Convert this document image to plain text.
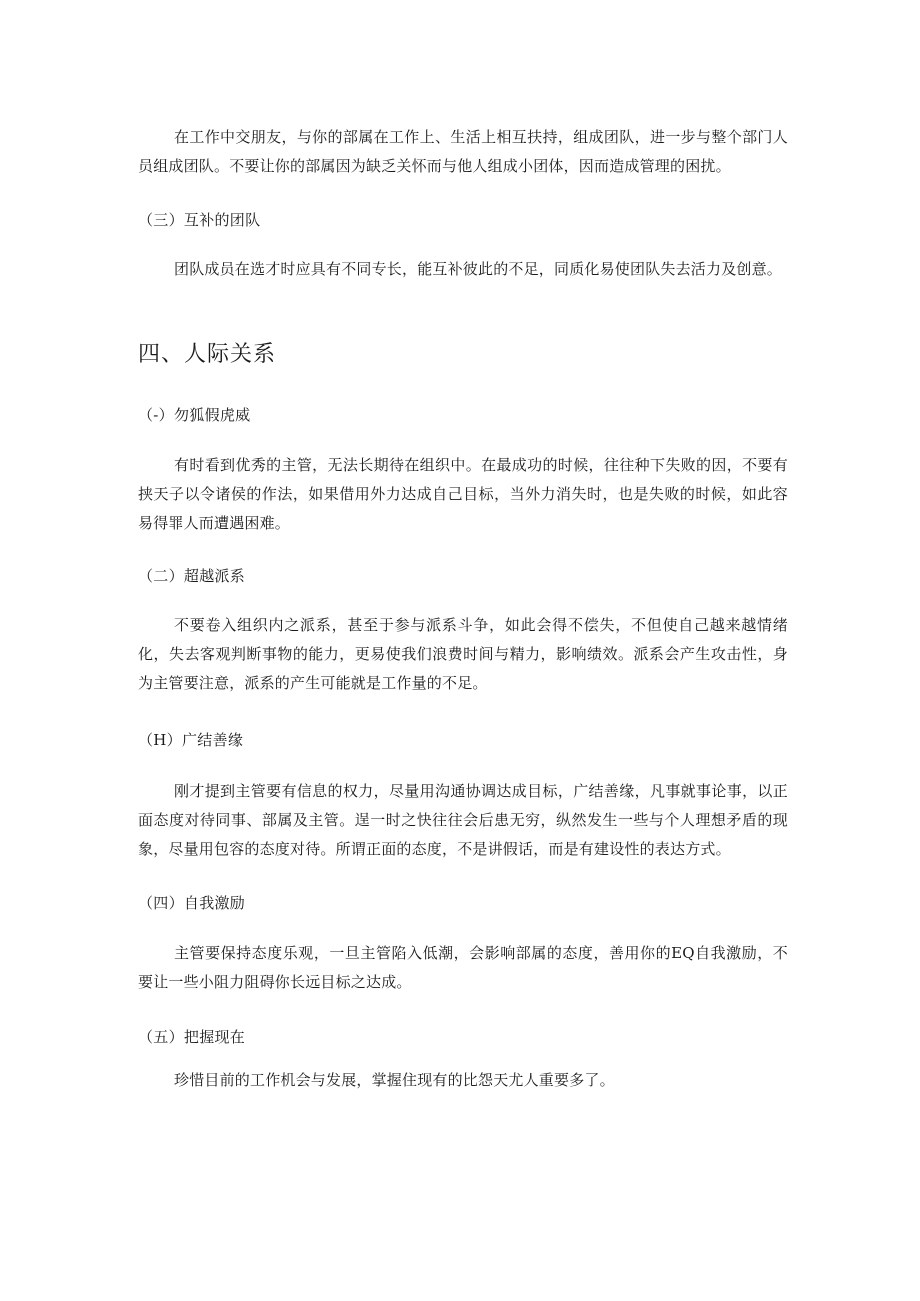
在工作中交朋友，与你的部属在工作上、生活上相互扶持，组成团队，进一步与整个部门人员组成团队。不要让你的部属因为缺乏关怀而与他人组成小团体，因而造成管理的困扰。

（三）互补的团队

团队成员在选才时应具有不同专长，能互补彼此的不足，同质化易使团队失去活力及创意。

四、人际关系

（-）勿狐假虎威

有时看到优秀的主管，无法长期待在组织中。在最成功的时候，往往种下失败的因，不要有挟天子以令诸侯的作法，如果借用外力达成自己目标，当外力消失时，也是失败的时候，如此容易得罪人而遭遇困难。

（二）超越派系

不要卷入组织内之派系，甚至于参与派系斗争，如此会得不偿失，不但使自己越来越情绪化，失去客观判断事物的能力，更易使我们浪费时间与精力，影响绩效。派系会产生攻击性，身为主管要注意，派系的产生可能就是工作量的不足。

（H）广结善缘

刚才提到主管要有信息的权力，尽量用沟通协调达成目标，广结善缘，凡事就事论事，以正面态度对待同事、部属及主管。逞一时之快往往会后患无穷，纵然发生一些与个人理想矛盾的现象，尽量用包容的态度对待。所谓正面的态度，不是讲假话，而是有建设性的表达方式。

（四）自我激励

主管要保持态度乐观，一旦主管陷入低潮，会影响部属的态度，善用你的EQ自我激励，不要让一些小阻力阻碍你长远目标之达成。

（五）把握现在

珍惜目前的工作机会与发展，掌握住现有的比怨天尤人重要多了。
